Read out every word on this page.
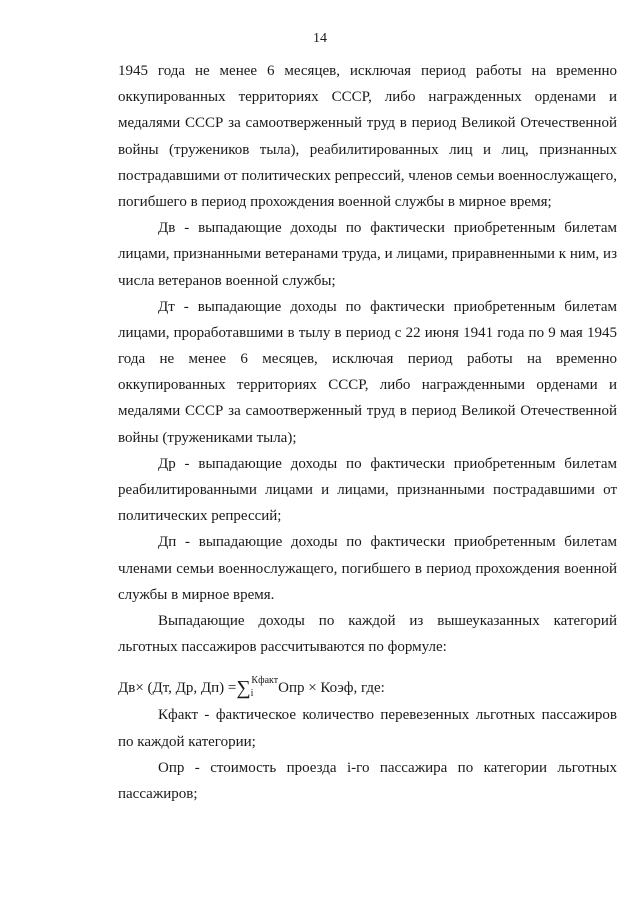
14
1945 года не менее 6 месяцев, исключая период работы на временно
оккупированных территориях СССР, либо награжденных орденами и
медалями СССР за самоотверженный труд в период Великой Отечественной
войны (тружеников тыла), реабилитированных лиц и лиц, признанных
пострадавшими от политических репрессий, членов семьи военнослужащего,
погибшего в период прохождения военной службы в мирное время;
Дв - выпадающие доходы по фактически приобретенным билетам
лицами, признанными ветеранами труда, и лицами, приравненными к ним, из
числа ветеранов военной службы;
Дт - выпадающие доходы по фактически приобретенным билетам
лицами, проработавшими в тылу в период с 22 июня 1941 года по 9 мая 1945
года не менее 6 месяцев, исключая период работы на временно
оккупированных территориях СССР, либо награжденными орденами и
медалями СССР за самоотверженный труд в период Великой Отечественной
войны (тружениками тыла);
Др - выпадающие доходы по фактически приобретенным билетам
реабилитированными лицами и лицами, признанными пострадавшими от
политических репрессий;
Дп - выпадающие доходы по фактически приобретенным билетам
членами семьи военнослужащего, погибшего в период прохождения военной
службы в мирное время.
Выпадающие доходы по каждой из вышеуказанных категорий
льготных пассажиров рассчитываются по формуле:
Дв× (Дт, Др, $Дп) =\sum_i^{Кфакт}Опр$ × Коэф, где:
Кфакт - фактическое количество перевезенных льготных пассажиров
по каждой категории;
Опр - стоимость проезда i-го пассажира по категории льготных
пассажиров;
